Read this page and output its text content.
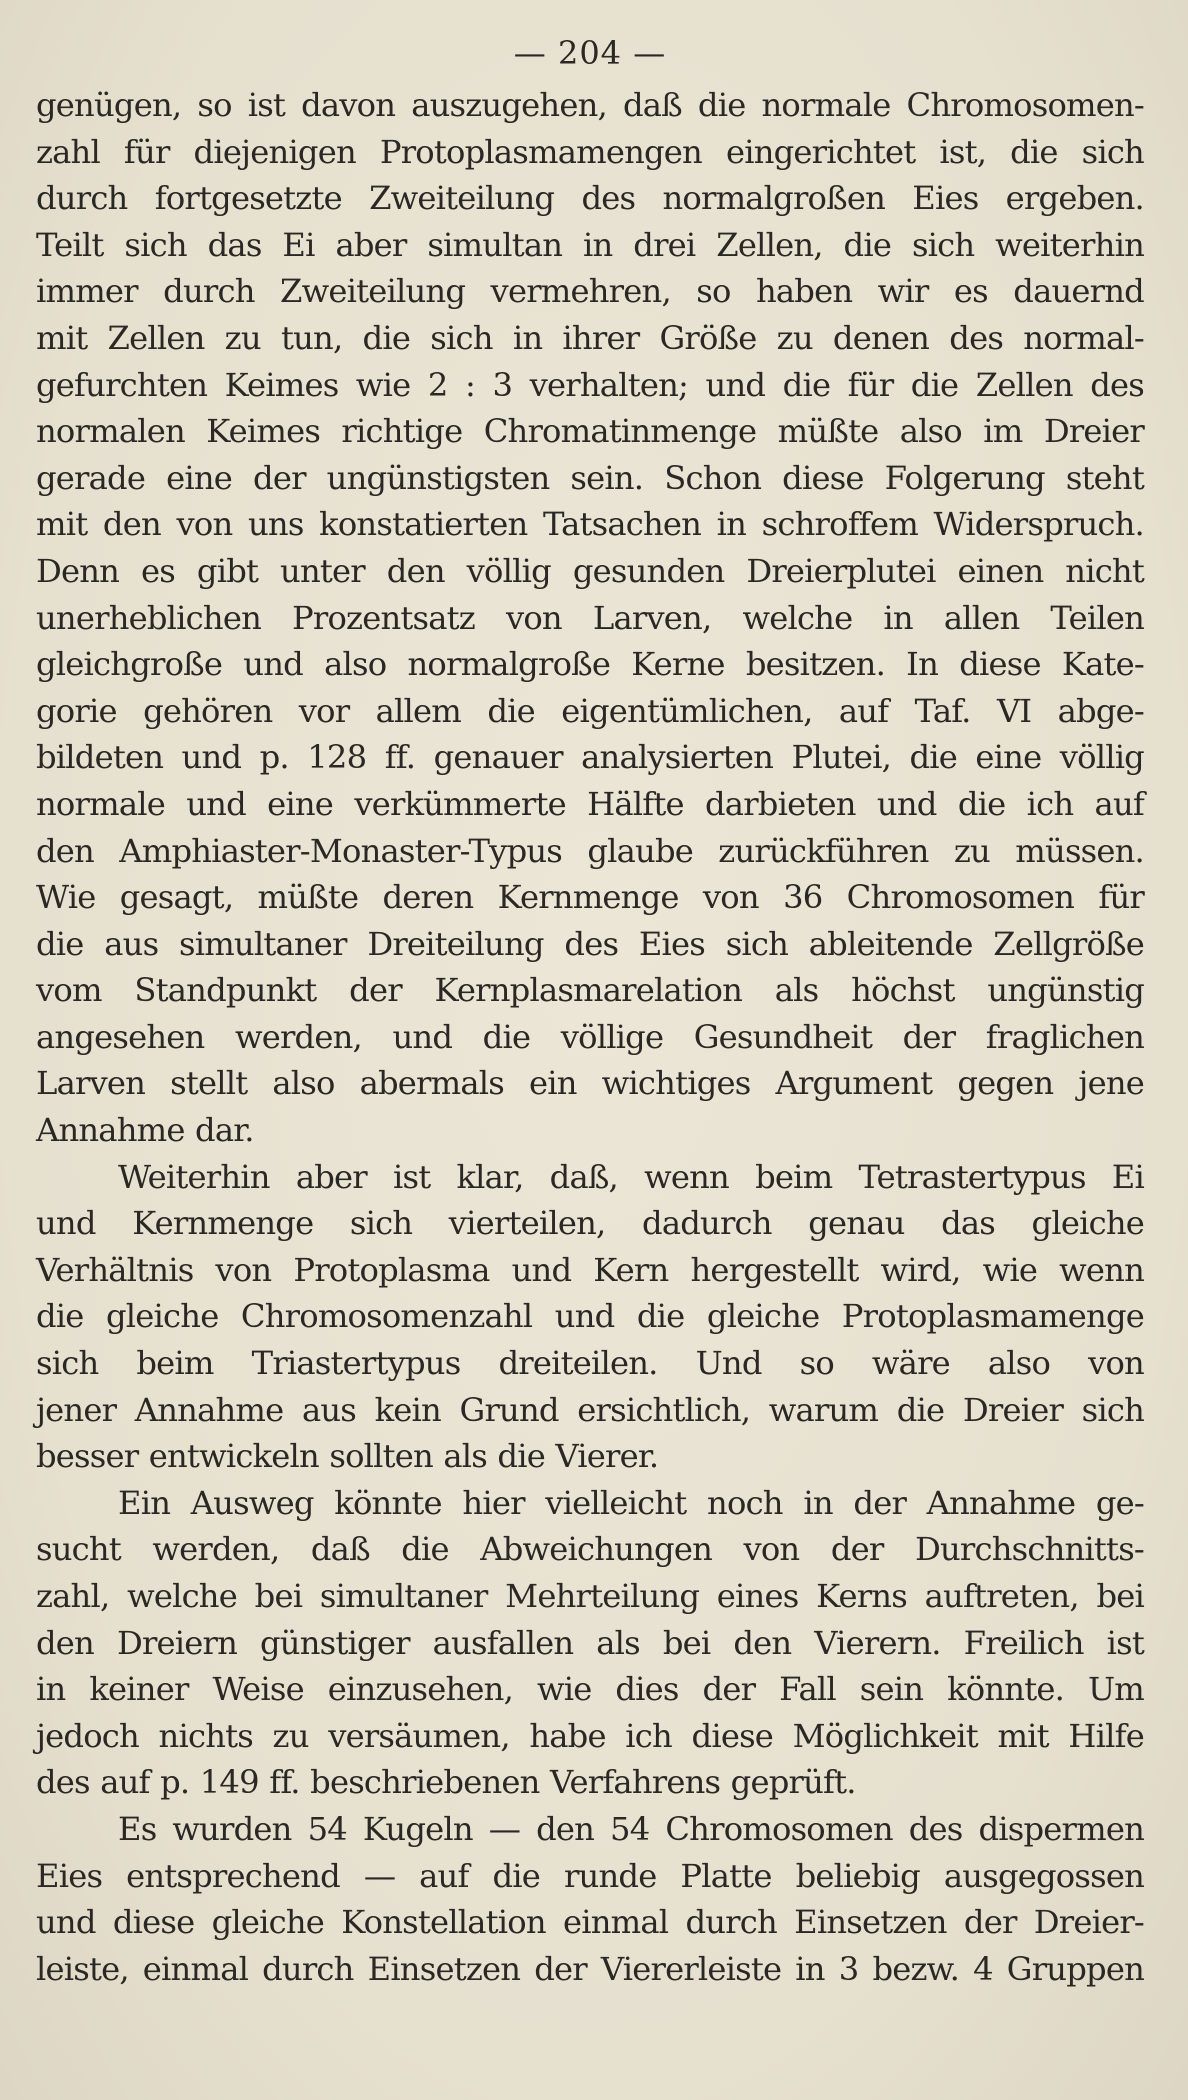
— 204 —
genügen, so ist davon auszugehen, daß die normale Chromosomen-
zahl für diejenigen Protoplasmamengen eingerichtet ist, die sich
durch fortgesetzte Zweiteilung des normalgroßen Eies ergeben.
Teilt sich das Ei aber simultan in drei Zellen, die sich weiterhin
immer durch Zweiteilung vermehren, so haben wir es dauernd
mit Zellen zu tun, die sich in ihrer Größe zu denen des normal-
gefurchten Keimes wie 2 : 3 verhalten; und die für die Zellen des
normalen Keimes richtige Chromatinmenge müßte also im Dreier
gerade eine der ungünstigsten sein. Schon diese Folgerung steht
mit den von uns konstatierten Tatsachen in schroffem Widerspruch.
Denn es gibt unter den völlig gesunden Dreierplutei einen nicht
unerheblichen Prozentsatz von Larven, welche in allen Teilen
gleichgroße und also normalgroße Kerne besitzen. In diese Kate-
gorie gehören vor allem die eigentümlichen, auf Taf. VI abge-
bildeten und p. 128 ff. genauer analysierten Plutei, die eine völlig
normale und eine verkümmerte Hälfte darbieten und die ich auf
den Amphiaster-Monaster-Typus glaube zurückführen zu müssen.
Wie gesagt, müßte deren Kernmenge von 36 Chromosomen für
die aus simultaner Dreiteilung des Eies sich ableitende Zellgröße
vom Standpunkt der Kernplasmarelation als höchst ungünstig
angesehen werden, und die völlige Gesundheit der fraglichen
Larven stellt also abermals ein wichtiges Argument gegen jene
Annahme dar.
Weiterhin aber ist klar, daß, wenn beim Tetrastertypus Ei
und Kernmenge sich vierteilen, dadurch genau das gleiche
Verhältnis von Protoplasma und Kern hergestellt wird, wie wenn
die gleiche Chromosomenzahl und die gleiche Protoplasmamenge
sich beim Triastertypus dreiteilen. Und so wäre also von
jener Annahme aus kein Grund ersichtlich, warum die Dreier sich
besser entwickeln sollten als die Vierer.
Ein Ausweg könnte hier vielleicht noch in der Annahme ge-
sucht werden, daß die Abweichungen von der Durchschnitts-
zahl, welche bei simultaner Mehrteilung eines Kerns auftreten, bei
den Dreiern günstiger ausfallen als bei den Vierern. Freilich ist
in keiner Weise einzusehen, wie dies der Fall sein könnte. Um
jedoch nichts zu versäumen, habe ich diese Möglichkeit mit Hilfe
des auf p. 149 ff. beschriebenen Verfahrens geprüft.
Es wurden 54 Kugeln — den 54 Chromosomen des dispermen
Eies entsprechend — auf die runde Platte beliebig ausgegossen
und diese gleiche Konstellation einmal durch Einsetzen der Dreier-
leiste, einmal durch Einsetzen der Viererleiste in 3 bezw. 4 Gruppen
